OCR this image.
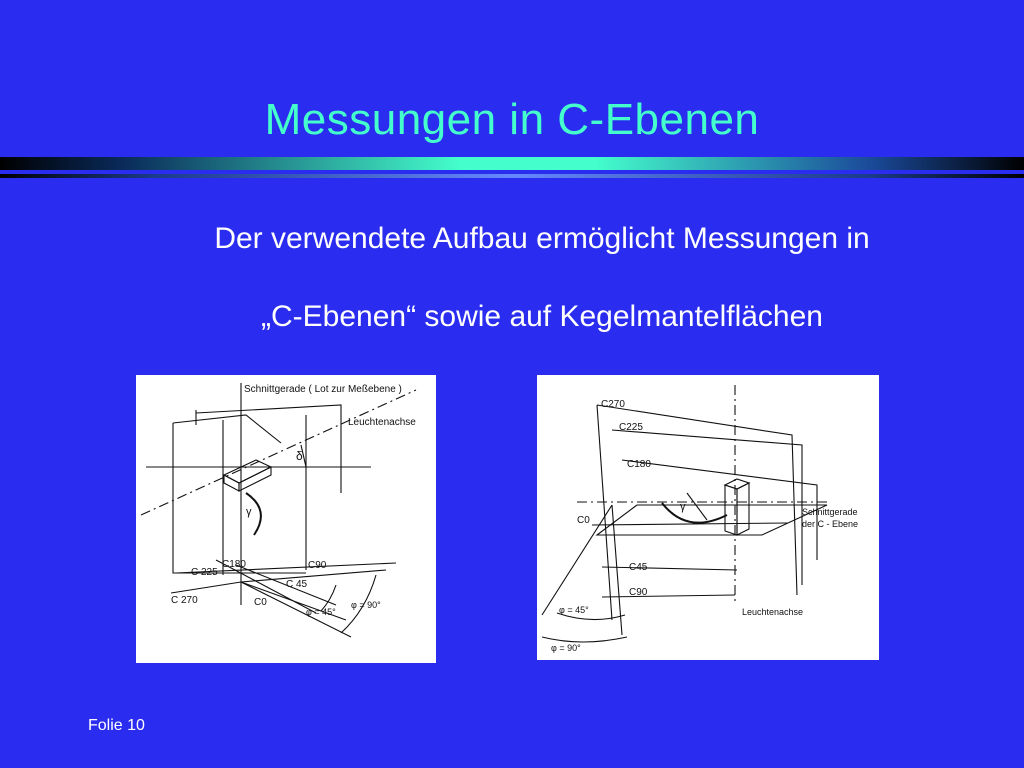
Messungen in C-Ebenen
Der verwendete Aufbau ermöglicht Messungen in
„C-Ebenen“ sowie auf Kegelmantelflächen
Schnittgerade ( Lot zur Meßebene )
Leuchtenachse
δ
γ
C 225
C180	C90
C 45
C 270	C0
φ = 45°
φ = 90°
C270
C225
C180
C0
C45
C90
Schnittgerade
der C - Ebene
Leuchtenachse
γ
φ = 45°
φ = 90°
Folie 10
